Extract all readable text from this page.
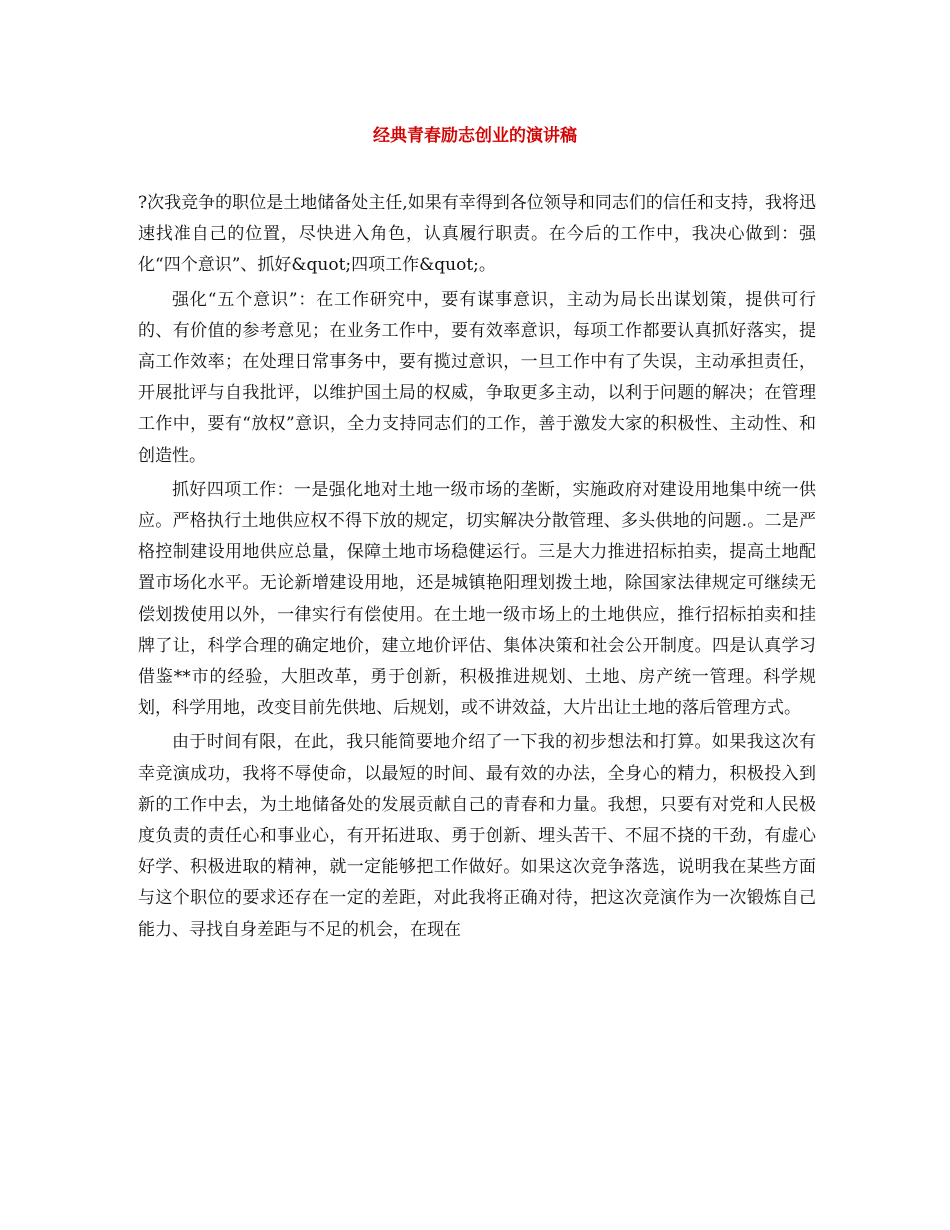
经典青春励志创业的演讲稿

?次我竞争的职位是土地储备处主任,如果有幸得到各位领导和同志们的信任和支持，我将迅速找准自己的位置，尽快进入角色，认真履行职责。在今后的工作中，我决心做到：强化“四个意识”、抓好&quot;四项工作&quot;。

强化“五个意识”：在工作研究中，要有谋事意识，主动为局长出谋划策，提供可行的、有价值的参考意见；在业务工作中，要有效率意识，每项工作都要认真抓好落实，提高工作效率；在处理日常事务中，要有揽过意识，一旦工作中有了失误，主动承担责任，开展批评与自我批评，以维护国土局的权威，争取更多主动，以利于问题的解决；在管理工作中，要有“放权”意识，全力支持同志们的工作，善于激发大家的积极性、主动性、和创造性。

抓好四项工作：一是强化地对土地一级市场的垄断，实施政府对建设用地集中统一供应。严格执行土地供应权不得下放的规定，切实解决分散管理、多头供地的问题.。二是严格控制建设用地供应总量，保障土地市场稳健运行。三是大力推进招标拍卖，提高土地配置市场化水平。无论新增建设用地，还是城镇艳阳理划拨土地，除国家法律规定可继续无偿划拨使用以外，一律实行有偿使用。在土地一级市场上的土地供应，推行招标拍卖和挂牌了让，科学合理的确定地价，建立地价评估、集体决策和社会公开制度。四是认真学习借鉴**市的经验，大胆改革，勇于创新，积极推进规划、土地、房产统一管理。科学规划，科学用地，改变目前先供地、后规划，或不讲效益，大片出让土地的落后管理方式。

由于时间有限，在此，我只能简要地介绍了一下我的初步想法和打算。如果我这次有幸竞演成功，我将不辱使命，以最短的时间、最有效的办法，全身心的精力，积极投入到新的工作中去，为土地储备处的发展贡献自己的青春和力量。我想，只要有对党和人民极度负责的责任心和事业心，有开拓进取、勇于创新、埋头苦干、不屈不挠的干劲，有虚心好学、积极进取的精神，就一定能够把工作做好。如果这次竞争落选，说明我在某些方面与这个职位的要求还存在一定的差距，对此我将正确对待，把这次竞演作为一次锻炼自己能力、寻找自身差距与不足的机会，在现在
